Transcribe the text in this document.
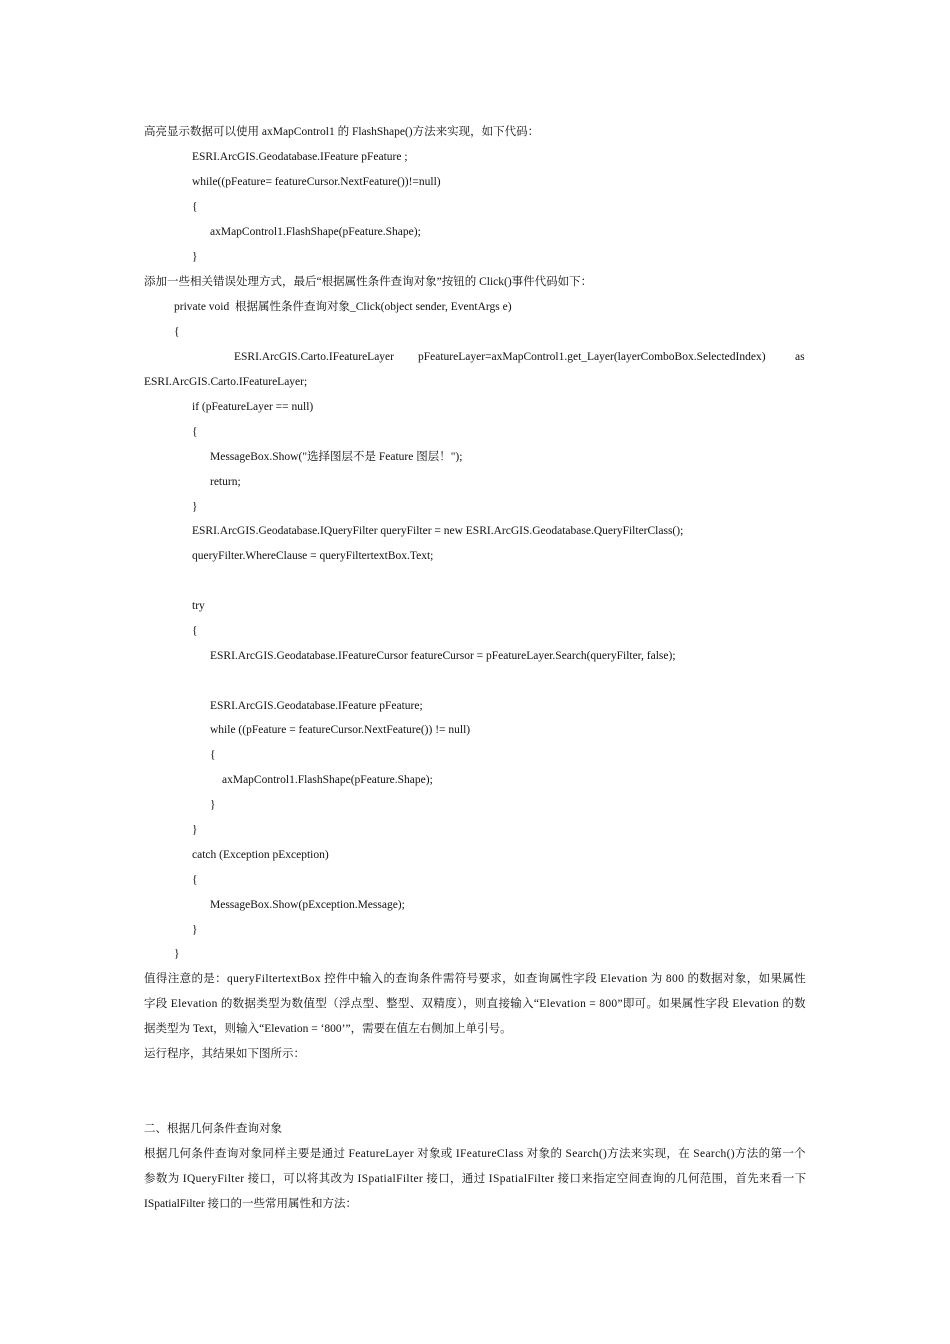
高亮显示数据可以使用 axMapControl1 的 FlashShape()方法来实现，如下代码：
ESRI.ArcGIS.Geodatabase.IFeature pFeature ;
while((pFeature= featureCursor.NextFeature())!=null)
{
axMapControl1.FlashShape(pFeature.Shape);
}
添加一些相关错误处理方式，最后“根据属性条件查询对象”按钮的 Click()事件代码如下：
private void  根据属性条件查询对象_Click(object sender, EventArgs e)
{
ESRI.ArcGIS.Carto.IFeatureLayer pFeatureLayer=axMapControl1.get_Layer(layerComboBox.SelectedIndex)	as
ESRI.ArcGIS.Carto.IFeatureLayer;
if (pFeatureLayer == null)
{
MessageBox.Show("选择图层不是 Feature 图层！");
return;
}
ESRI.ArcGIS.Geodatabase.IQueryFilter queryFilter = new ESRI.ArcGIS.Geodatabase.QueryFilterClass();
queryFilter.WhereClause = queryFiltertextBox.Text;
try
{
ESRI.ArcGIS.Geodatabase.IFeatureCursor featureCursor = pFeatureLayer.Search(queryFilter, false);
ESRI.ArcGIS.Geodatabase.IFeature pFeature;
while ((pFeature = featureCursor.NextFeature()) != null)
{
axMapControl1.FlashShape(pFeature.Shape);
}
}
catch (Exception pException)
{
MessageBox.Show(pException.Message);
}
}
值得注意的是：queryFiltertextBox 控件中输入的查询条件需符号要求，如查询属性字段 Elevation 为 800 的数据对象，如果属性
字段 Elevation 的数据类型为数值型（浮点型、整型、双精度），则直接输入“Elevation = 800”即可。如果属性字段 Elevation 的数
据类型为 Text，则输入“Elevation = ‘800’”，需要在值左右侧加上单引号。
运行程序，其结果如下图所示：
二、根据几何条件查询对象
根据几何条件查询对象同样主要是通过 FeatureLayer 对象或 IFeatureClass 对象的 Search()方法来实现，在 Search()方法的第一个
参数为 IQueryFilter 接口，可以将其改为 ISpatialFilter 接口，通过 ISpatialFilter 接口来指定空间查询的几何范围，首先来看一下
ISpatialFilter 接口的一些常用属性和方法：
